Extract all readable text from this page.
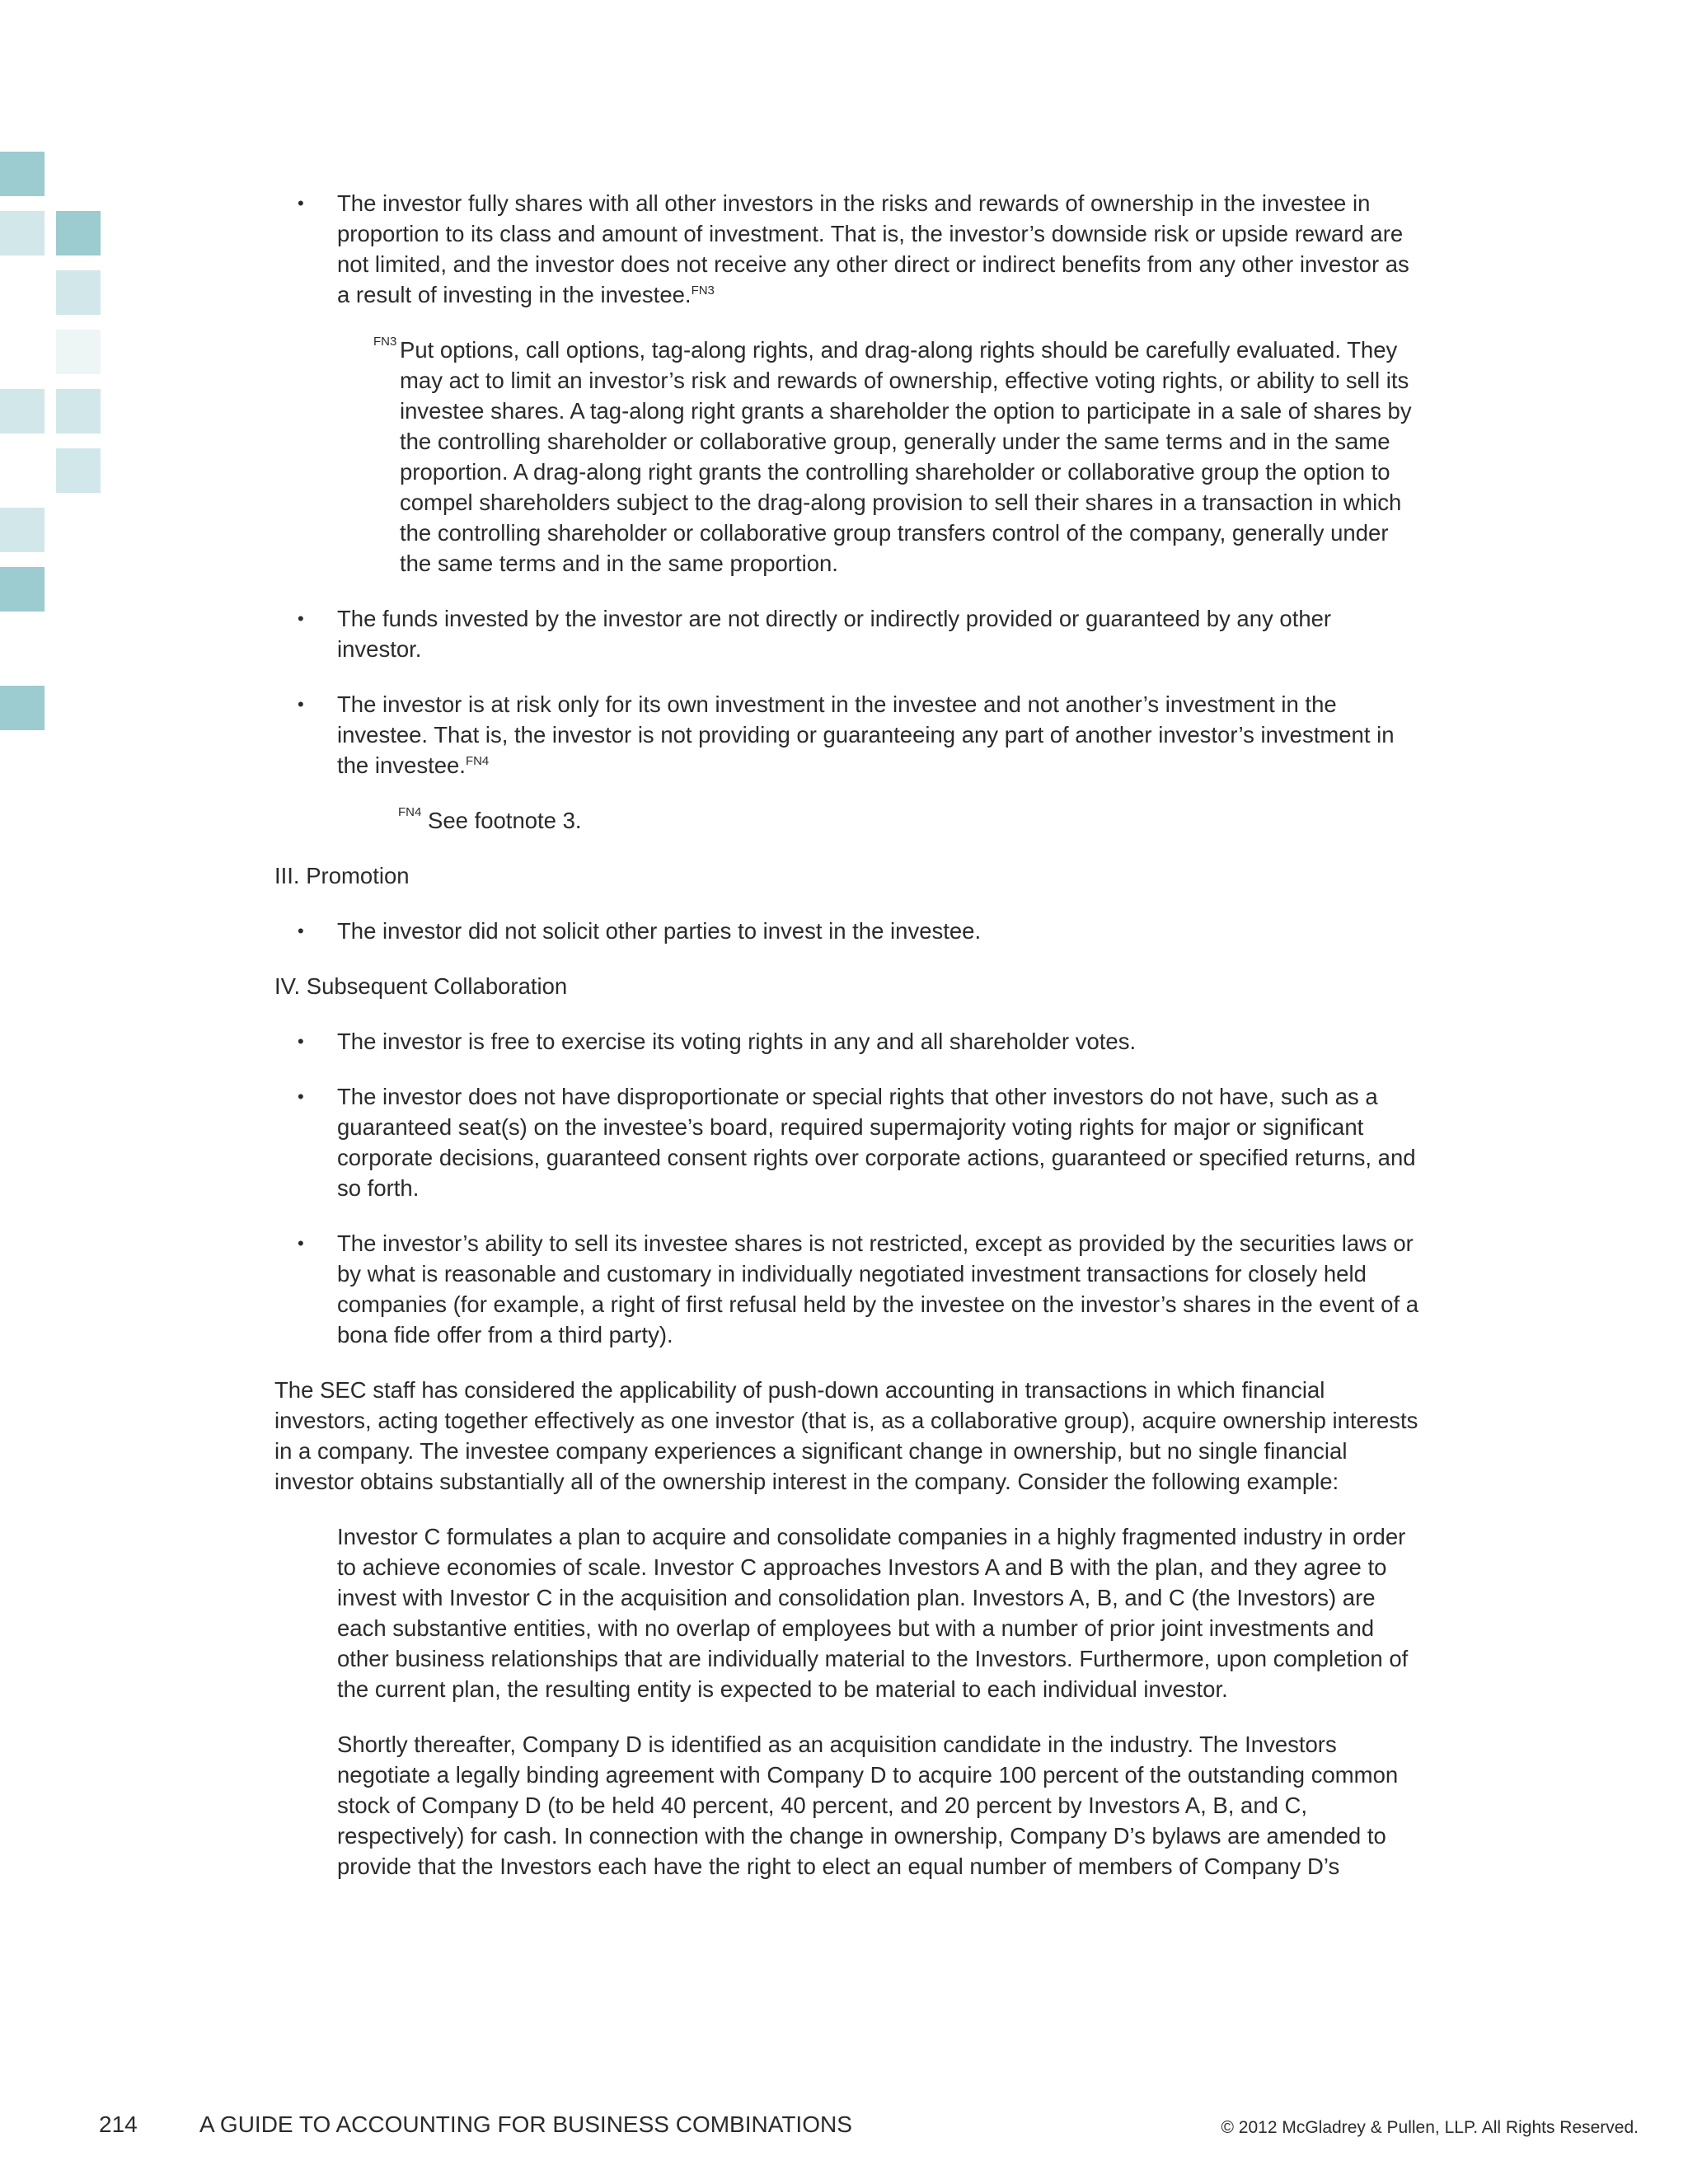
• The investor fully shares with all other investors in the risks and rewards of ownership in the investee in proportion to its class and amount of investment. That is, the investor’s downside risk or upside reward are not limited, and the investor does not receive any other direct or indirect benefits from any other investor as a result of investing in the investee.$^{FN3}$
FN3 Put options, call options, tag-along rights, and drag-along rights should be carefully evaluated. They may act to limit an investor’s risk and rewards of ownership, effective voting rights, or ability to sell its investee shares. A tag-along right grants a shareholder the option to participate in a sale of shares by the controlling shareholder or collaborative group, generally under the same terms and in the same proportion. A drag-along right grants the controlling shareholder or collaborative group the option to compel shareholders subject to the drag-along provision to sell their shares in a transaction in which the controlling shareholder or collaborative group transfers control of the company, generally under the same terms and in the same proportion.
• The funds invested by the investor are not directly or indirectly provided or guaranteed by any other investor.
• The investor is at risk only for its own investment in the investee and not another’s investment in the investee. That is, the investor is not providing or guaranteeing any part of another investor’s investment in the investee.$^{FN4}$
FN4 See footnote 3.
III. Promotion
• The investor did not solicit other parties to invest in the investee.
IV. Subsequent Collaboration
• The investor is free to exercise its voting rights in any and all shareholder votes.
• The investor does not have disproportionate or special rights that other investors do not have, such as a guaranteed seat(s) on the investee’s board, required supermajority voting rights for major or significant corporate decisions, guaranteed consent rights over corporate actions, guaranteed or specified returns, and so forth.
• The investor’s ability to sell its investee shares is not restricted, except as provided by the securities laws or by what is reasonable and customary in individually negotiated investment transactions for closely held companies (for example, a right of first refusal held by the investee on the investor’s shares in the event of a bona fide offer from a third party).

The SEC staff has considered the applicability of push-down accounting in transactions in which financial investors, acting together effectively as one investor (that is, as a collaborative group), acquire ownership interests in a company. The investee company experiences a significant change in ownership, but no single financial investor obtains substantially all of the ownership interest in the company. Consider the following example:

Investor C formulates a plan to acquire and consolidate companies in a highly fragmented industry in order to achieve economies of scale. Investor C approaches Investors A and B with the plan, and they agree to invest with Investor C in the acquisition and consolidation plan. Investors A, B, and C (the Investors) are each substantive entities, with no overlap of employees but with a number of prior joint investments and other business relationships that are individually material to the Investors. Furthermore, upon completion of the current plan, the resulting entity is expected to be material to each individual investor.

Shortly thereafter, Company D is identified as an acquisition candidate in the industry. The Investors negotiate a legally binding agreement with Company D to acquire 100 percent of the outstanding common stock of Company D (to be held 40 percent, 40 percent, and 20 percent by Investors A, B, and C, respectively) for cash. In connection with the change in ownership, Company D’s bylaws are amended to provide that the Investors each have the right to elect an equal number of members of Company D’s

214	A GUIDE TO ACCOUNTING FOR BUSINESS COMBINATIONS	© 2012 McGladrey & Pullen, LLP. All Rights Reserved.
